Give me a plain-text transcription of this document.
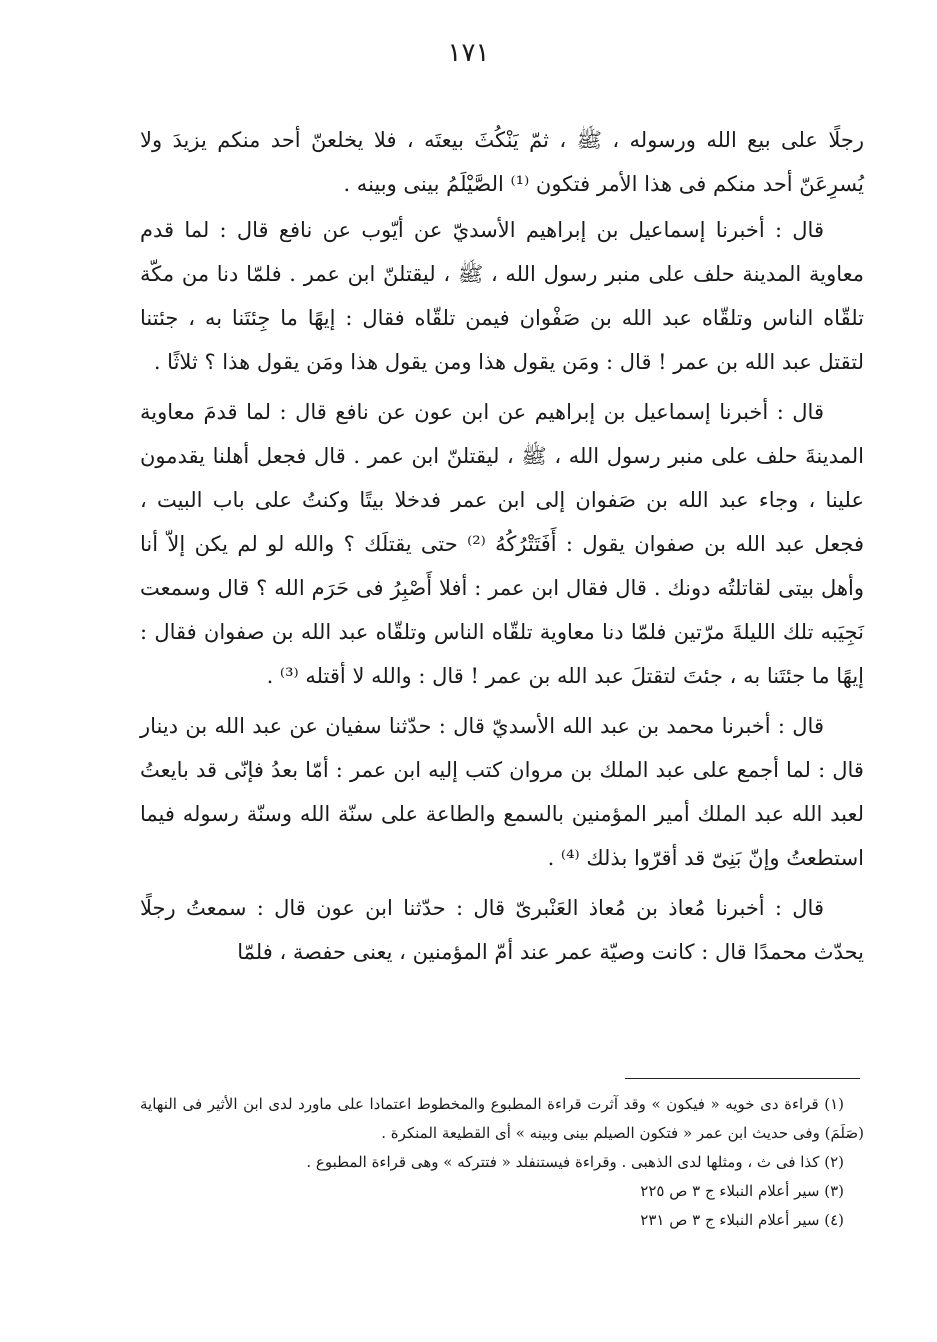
١٧١

رجلًا على بيع الله ورسوله ، ﷺ ، ثمّ يَنْكُثَ بيعتَه ، فلا يخلعنّ أحد منكم يزيدَ ولا يُسرِعَنّ أحد منكم فى هذا الأمر فتكون ⁽¹⁾ الصَّيْلَمُ بينى وبينه .

قال : أخبرنا إسماعيل بن إبراهيم الأسديّ عن أيّوب عن نافع قال : لما قدم معاوية المدينة حلف على منبر رسول الله ، ﷺ ، ليقتلنّ ابن عمر . فلمّا دنا من مكّة تلقّاه الناس وتلقّاه عبد الله بن صَفْوان فيمن تلقّاه فقال : إيهًا ما جِئتَنا به ، جئتنا لتقتل عبد الله بن عمر ! قال : ومَن يقول هذا ومن يقول هذا ومَن يقول هذا ؟ ثلاثًا .

قال : أخبرنا إسماعيل بن إبراهيم عن ابن عون عن نافع قال : لما قدمَ معاوية المدينةَ حلف على منبر رسول الله ، ﷺ ، ليقتلنّ ابن عمر . قال فجعل أهلنا يقدمون علينا ، وجاء عبد الله بن صَفوان إلى ابن عمر فدخلا بيتًا وكنتُ على باب البيت ، فجعل عبد الله بن صفوان يقول : أَفَتَتْرُكُهُ ⁽²⁾ حتى يقتلَك ؟ والله لو لم يكن إلاّ أنا وأهل بيتى لقاتلتُه دونك . قال فقال ابن عمر : أفلا أَصْبِرُ فى حَرَم الله ؟ قال وسمعت نَجِيَبه تلك الليلةَ مرّتين فلمّا دنا معاوية تلقّاه الناس وتلقّاه عبد الله بن صفوان فقال : إيهًا ما جئتَنا به ، جئتَ لتقتلَ عبد الله بن عمر ! قال : والله لا أقتله ⁽³⁾ .

قال : أخبرنا محمد بن عبد الله الأسديّ قال : حدّثنا سفيان عن عبد الله بن دينار قال : لما أجمع على عبد الملك بن مروان كتب إليه ابن عمر : أمّا بعدُ فإنّى قد بايعتُ لعبد الله عبد الملك أمير المؤمنين بالسمع والطاعة على سنّة الله وسنّة رسوله فيما استطعتُ وإنّ بَنِىّ قد أقرّوا بذلك ⁽⁴⁾ .

قال : أخبرنا مُعاذ بن مُعاذ العَنْبرىّ قال : حدّثنا ابن عون قال : سمعتُ رجلًا يحدّث محمدًا قال : كانت وصيّة عمر عند أمّ المؤمنين ، يعنى حفصة ، فلمّا

(١) قراءة دى خويه « فيكون » وقد آثرت قراءة المطبوع والمخطوط اعتمادا على ماورد لدى ابن الأثير فى النهاية (صَلَمَ) وفى حديث ابن عمر « فتكون الصيلم بينى وبينه » أى القطيعة المنكرة .

(٢) كذا فى ث ، ومثلها لدى الذهبى . وقراءة فيستنفلد « فتتركه » وهى قراءة المطبوع .

(٣) سير أعلام النبلاء ج ٣ ص ٢٢٥

(٤) سير أعلام النبلاء ج ٣ ص ٢٣١
